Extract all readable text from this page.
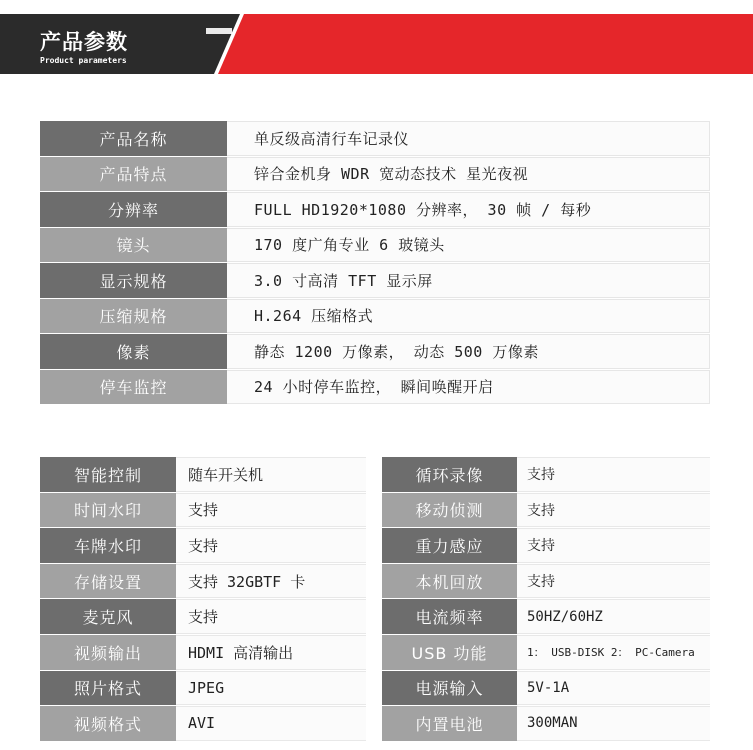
产品参数
Product parameters
产品名称	单反级高清行车记录仪
产品特点	锌合金机身 WDR 宽动态技术 星光夜视
分辨率	FULL HD1920*1080 分辨率， 30 帧 / 每秒
镜头	170 度广角专业 6 玻镜头
显示规格	3.0 寸高清 TFT 显示屏
压缩规格	H.264 压缩格式
像素	静态 1200 万像素， 动态 500 万像素
停车监控	24 小时停车监控， 瞬间唤醒开启
智能控制	随车开关机	循环录像	支持
时间水印	支持	移动侦测	支持
车牌水印	支持	重力感应	支持
存储设置	支持 32GBTF 卡	本机回放	支持
麦克风	支持	电流频率	50HZ/60HZ
视频输出	HDMI 高清输出	USB 功能	1： USB-DISK 2： PC-Camera
照片格式	JPEG	电源输入	5V-1A
视频格式	AVI	内置电池	300MAN
